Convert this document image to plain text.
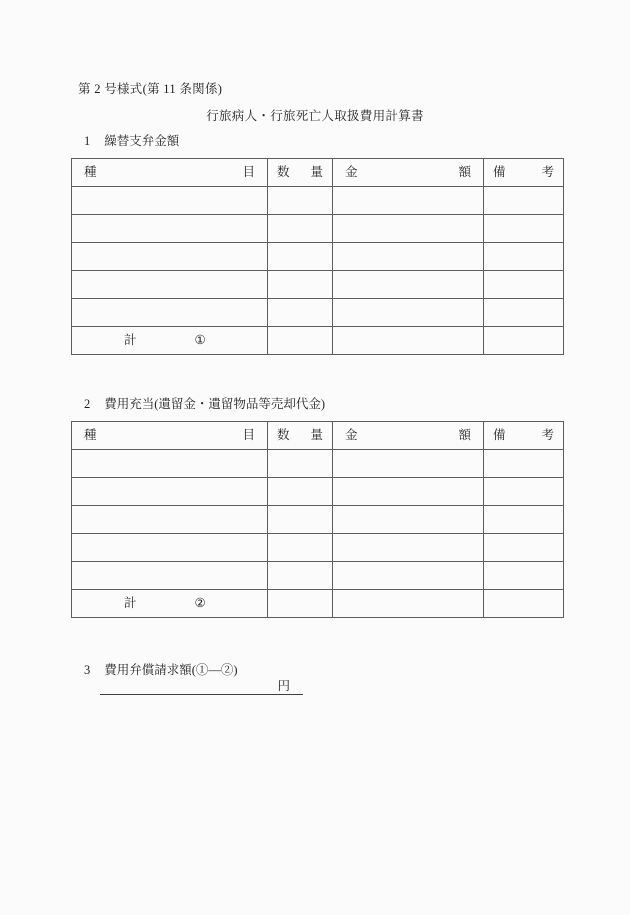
第 2 号様式(第 11 条関係)
行旅病人・行旅死亡人取扱費用計算書
1 繰替支弁金額
種 目	数 量	金 額	備 考

計 ①			

2 費用充当(遺留金・遺留物品等売却代金)
種 目	数 量	金 額	備 考

計 ②			

3 費用弁償請求額(①―②)
円
